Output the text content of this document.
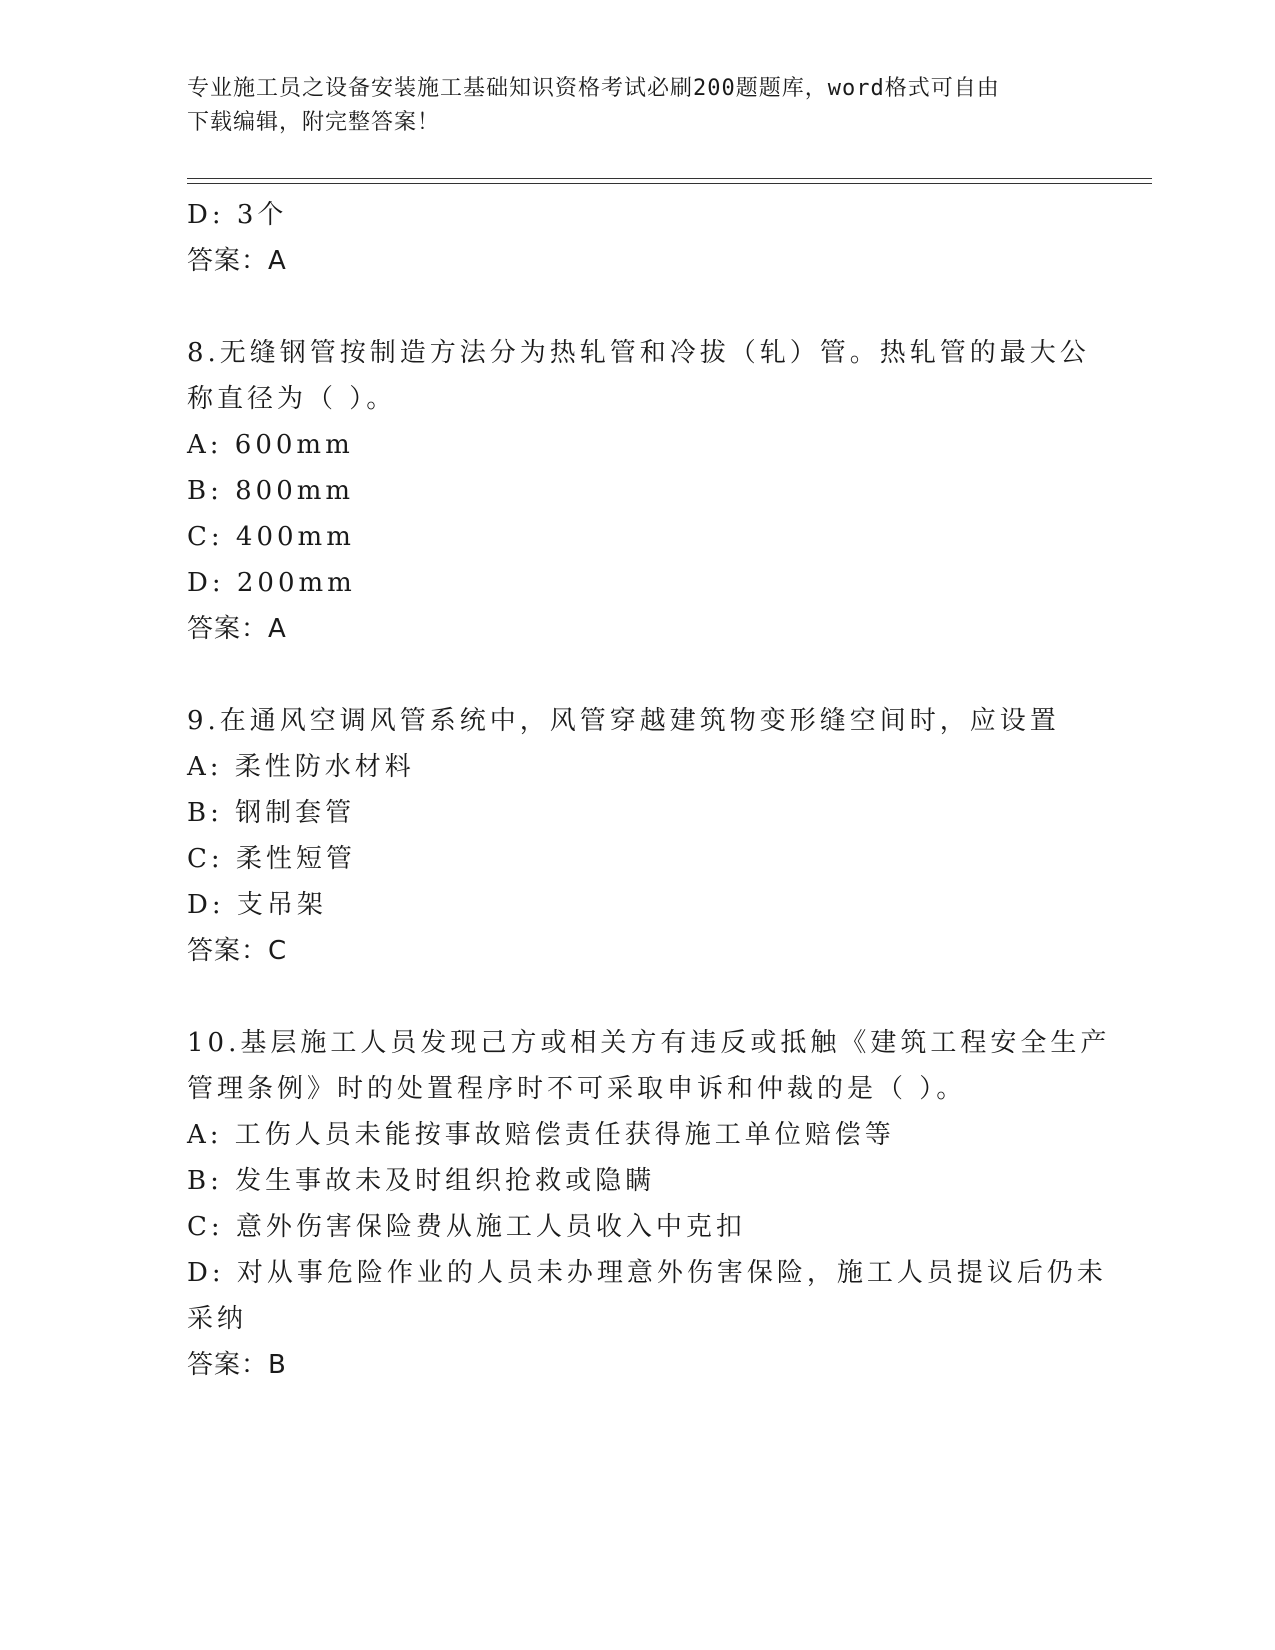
专业施工员之设备安装施工基础知识资格考试必刷200题题库，word格式可自由
下载编辑，附完整答案！
D: 3个
答案：A
8.无缝钢管按制造方法分为热轧管和冷拔（轧）管。热轧管的最大公
称直径为（ ）。
A: 600mm
B: 800mm
C: 400mm
D: 200mm
答案：A
9.在通风空调风管系统中，风管穿越建筑物变形缝空间时，应设置
A: 柔性防水材料
B: 钢制套管
C: 柔性短管
D: 支吊架
答案：C
10.基层施工人员发现己方或相关方有违反或抵触《建筑工程安全生产
管理条例》时的处置程序时不可采取申诉和仲裁的是（ ）。
A: 工伤人员未能按事故赔偿责任获得施工单位赔偿等
B: 发生事故未及时组织抢救或隐瞒
C: 意外伤害保险费从施工人员收入中克扣
D: 对从事危险作业的人员未办理意外伤害保险，施工人员提议后仍未
采纳
答案：B
